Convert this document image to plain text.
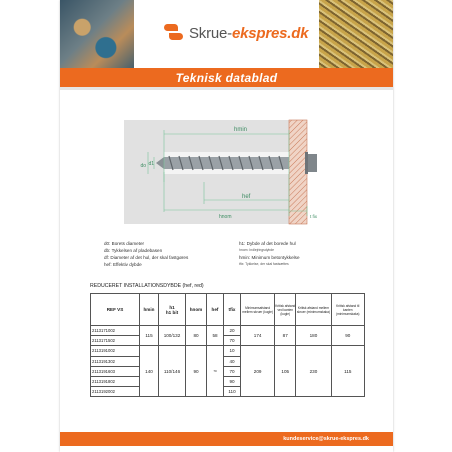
Skrue-ekspres.dk
Teknisk datablad
hmin
d1
do
hef
hnom	t fix
d0: Borets diameter
db: Tykkelsen af pladebasen
df: Diameter af det hul, der skal fastgøres
hef: Effektiv dybde
h1: Dybde af det borede hul
hnom: Indlejringsdybde
hmin: Minimum betontykkelse
tfix: Tykkelse, der skal fastsættes
REDUCERET INSTALLATIONSDYBDE (hef, red)
REF VS	hmin	h1
h1 bit	hnom	hef	tfix	Minimumsafstand mellem skruer (kugle)	Kritisk afstand ved kanten (kugle)	Kritisk afstand mellem skruer (minimumskaka)	Kritisk afstand til kanten (minimumskaka)
2113171002	115	100/132	80	58	20	174	87	180	90
2113171502					70				
2113191002	140	110/146	90	70	10	209	105	230	115
2113191302					40				
2113191603					70				
2113191802					90				
2113192002					110				
kundeservice@skrue-ekspres.dk
